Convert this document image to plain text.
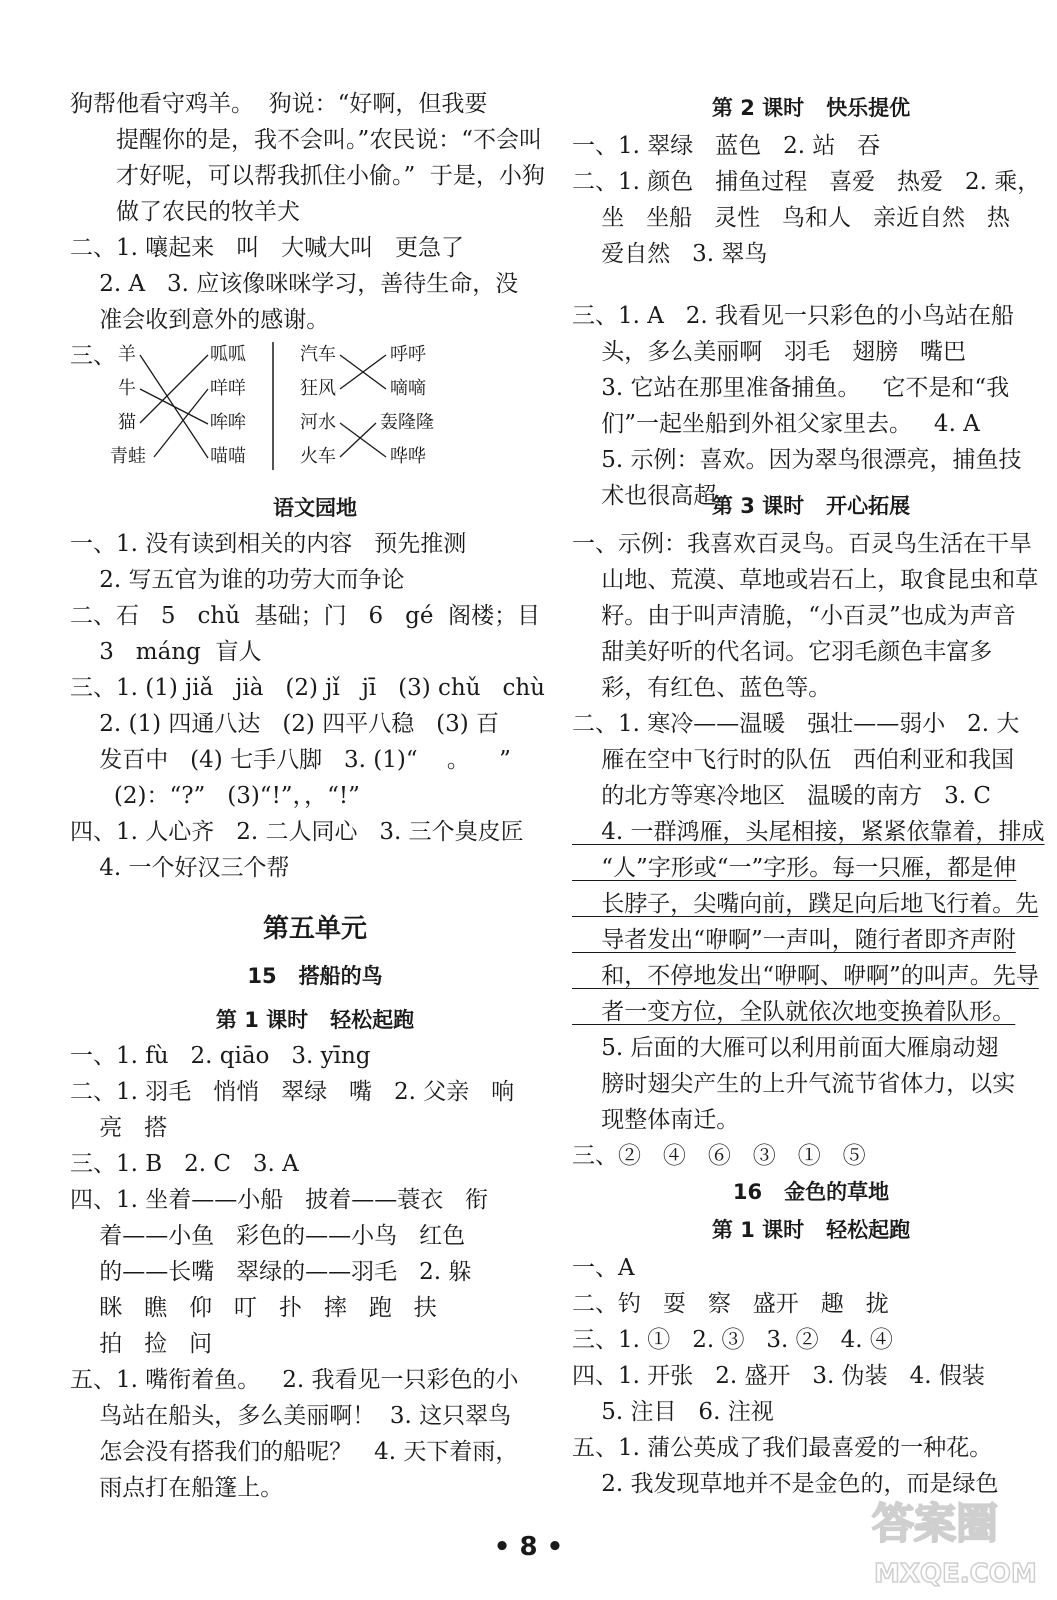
狗帮他看守鸡羊。  狗说：“好啊，但我要
提醒你的是，我不会叫。”农民说：“不会叫
才好呢，可以帮我抓住小偷。”  于是，小狗
做了农民的牧羊犬
二、1. 嚷起来   叫   大喊大叫   更急了
2. A   3. 应该像咪咪学习，善待生命，没
准会收到意外的感谢。
三、 羊
牛
猫
青蛙
呱呱
咩咩
哞哞
喵喵
汽车
狂风
河水
火车
呼呼
嘀嘀
轰隆隆
哗哗
语文园地
一、1. 没有读到相关的内容   预先推测
2. 写五官为谁的功劳大而争论
二、石   5   chǔ  基础；门   6   gé  阁楼；目
3   máng  盲人
三、1. (1) jiǎ   jià   (2) jǐ   jī   (3) chǔ   chù
2. (1) 四通八达   (2) 四平八稳   (3) 百
发百中   (4) 七手八脚   3. (1)“    。    ”
(2)：“?”   (3)“!”，，“!”
四、1. 人心齐   2. 二人同心   3. 三个臭皮匠
4. 一个好汉三个帮
第五单元
15   搭船的鸟
第 1 课时   轻松起跑
一、1. fù   2. qiāo   3. yīng
二、1. 羽毛   悄悄   翠绿   嘴   2. 父亲   响
亮   搭
三、1. B   2. C   3. A
四、1. 坐着——小船   披着——蓑衣   衔
着——小鱼   彩色的——小鸟   红色
的——长嘴   翠绿的——羽毛   2. 躲
眯   瞧   仰   叮   扑   摔   跑   扶
拍   捡   问
五、1. 嘴衔着鱼。   2. 我看见一只彩色的小
鸟站在船头，多么美丽啊！  3. 这只翠鸟
怎会没有搭我们的船呢？   4. 天下着雨，
雨点打在船篷上。
第 2 课时   快乐提优
一、1. 翠绿   蓝色   2. 站   吞
二、1. 颜色   捕鱼过程   喜爱   热爱   2. 乘，
坐   坐船   灵性   鸟和人   亲近自然   热
爱自然   3. 翠鸟
三、1. A   2. 我看见一只彩色的小鸟站在船
头，多么美丽啊   羽毛   翅膀   嘴巴
3. 它站在那里准备捕鱼。   它不是和“我
们”一起坐船到外祖父家里去。   4. A
5. 示例：喜欢。因为翠鸟很漂亮，捕鱼技
术也很高超。
第 3 课时   开心拓展
一、示例：我喜欢百灵鸟。百灵鸟生活在干旱
山地、荒漠、草地或岩石上，取食昆虫和草
籽。由于叫声清脆，“小百灵”也成为声音
甜美好听的代名词。它羽毛颜色丰富多
彩，有红色、蓝色等。
二、1. 寒冷——温暖   强壮——弱小   2. 大
雁在空中飞行时的队伍   西伯利亚和我国
的北方等寒冷地区   温暖的南方   3. C
4. 一群鸿雁，头尾相接，紧紧依靠着，排成
“人”字形或“一”字形。每一只雁，都是伸
长脖子，尖嘴向前，蹼足向后地飞行着。先
导者发出“咿啊”一声叫，随行者即齐声附
和，不停地发出“咿啊、咿啊”的叫声。先导
者一变方位，全队就依次地变换着队形。
5. 后面的大雁可以利用前面大雁扇动翅
膀时翅尖产生的上升气流节省体力，以实
现整体南迁。
三、②   ④   ⑥   ③   ①   ⑤
16   金色的草地
第 1 课时   轻松起跑
一、A
二、钓   耍   察   盛开   趣   拢
三、1. ①   2. ③   3. ②   4. ④
四、1. 开张   2. 盛开   3. 伪装   4. 假装
5. 注目   6. 注视
五、1. 蒲公英成了我们最喜爱的一种花。
2. 我发现草地并不是金色的，而是绿色
• 8 •	答案圈
MXQE.COM
